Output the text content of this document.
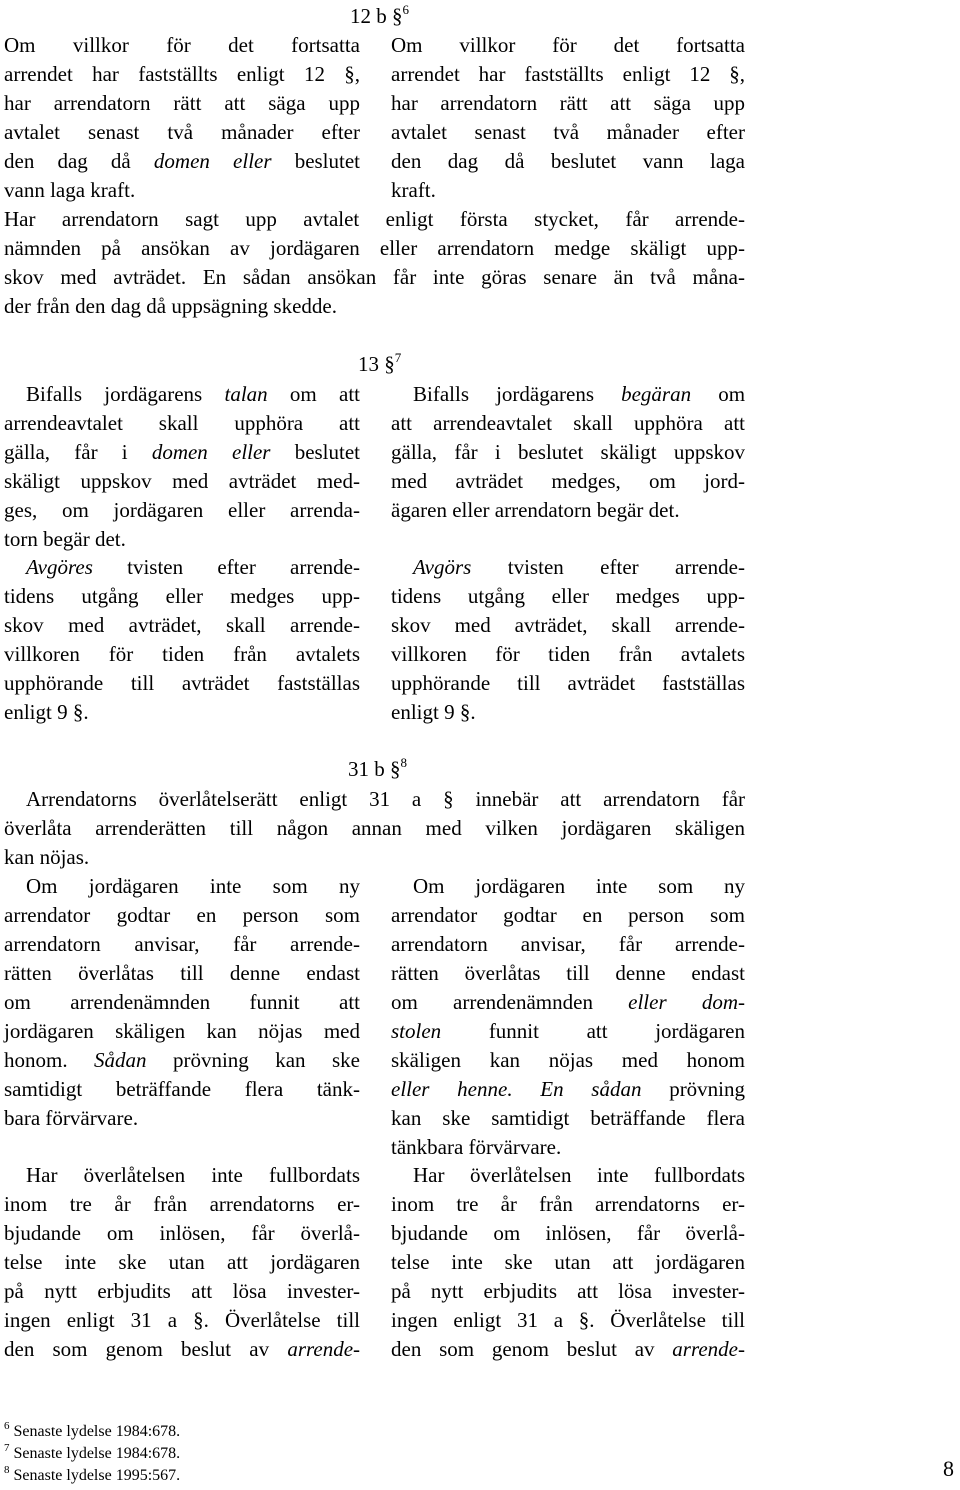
12 b §$^6$
Om villkor för det fortsatta
arrendet har fastställts enligt 12 §,
har arrendatorn rätt att säga upp
avtalet senast två månader efter
den dag då domen eller beslutet
vann laga kraft.
Om villkor för det fortsatta
arrendet har fastställts enligt 12 §,
har arrendatorn rätt att säga upp
avtalet senast två månader efter
den dag då beslutet vann laga
kraft.
Har arrendatorn sagt upp avtalet enligt första stycket, får arrende-
nämnden på ansökan av jordägaren eller arrendatorn medge skäligt upp-
skov med avträdet. En sådan ansökan får inte göras senare än två måna-
der från den dag då uppsägning skedde.
13 §$^7$
Bifalls jordägarens talan om att
arrendeavtalet skall upphöra att
gälla, får i domen eller beslutet
skäligt uppskov med avträdet med-
ges, om jordägaren eller arrenda-
torn begär det.
Avgöres tvisten efter arrende-
tidens utgång eller medges upp-
skov med avträdet, skall arrende-
villkoren för tiden från avtalets
upphörande till avträdet fastställas
enligt 9 §.
Bifalls jordägarens begäran om
att arrendeavtalet skall upphöra att
gälla, får i beslutet skäligt uppskov
med avträdet medges, om jord-
ägaren eller arrendatorn begär det.
Avgörs tvisten efter arrende-
tidens utgång eller medges upp-
skov med avträdet, skall arrende-
villkoren för tiden från avtalets
upphörande till avträdet fastställas
enligt 9 §.
31 b §$^8$
Arrendatorns överlåtelserätt enligt 31 a § innebär att arrendatorn får
överlåta arrenderätten till någon annan med vilken jordägaren skäligen
kan nöjas.
Om jordägaren inte som ny
arrendator godtar en person som
arrendatorn anvisar, får arrende-
rätten överlåtas till denne endast
om arrendenämnden funnit att
jordägaren skäligen kan nöjas med
honom. Sådan prövning kan ske
samtidigt beträffande flera tänk-
bara förvärvare.
Om jordägaren inte som ny
arrendator godtar en person som
arrendatorn anvisar, får arrende-
rätten överlåtas till denne endast
om arrendenämnden eller dom-
stolen funnit att jordägaren
skäligen kan nöjas med honom
eller henne. En sådan prövning
kan ske samtidigt beträffande flera
tänkbara förvärvare.
Har överlåtelsen inte fullbordats
inom tre år från arrendatorns er-
bjudande om inlösen, får överlå-
telse inte ske utan att jordägaren
på nytt erbjudits att lösa invester-
ingen enligt 31 a §. Överlåtelse till
den som genom beslut av arrende-
Har överlåtelsen inte fullbordats
inom tre år från arrendatorns er-
bjudande om inlösen, får överlå-
telse inte ske utan att jordägaren
på nytt erbjudits att lösa invester-
ingen enligt 31 a §. Överlåtelse till
den som genom beslut av arrende-
$^6$ Senaste lydelse 1984:678.
$^7$ Senaste lydelse 1984:678.
$^8$ Senaste lydelse 1995:567.	8
